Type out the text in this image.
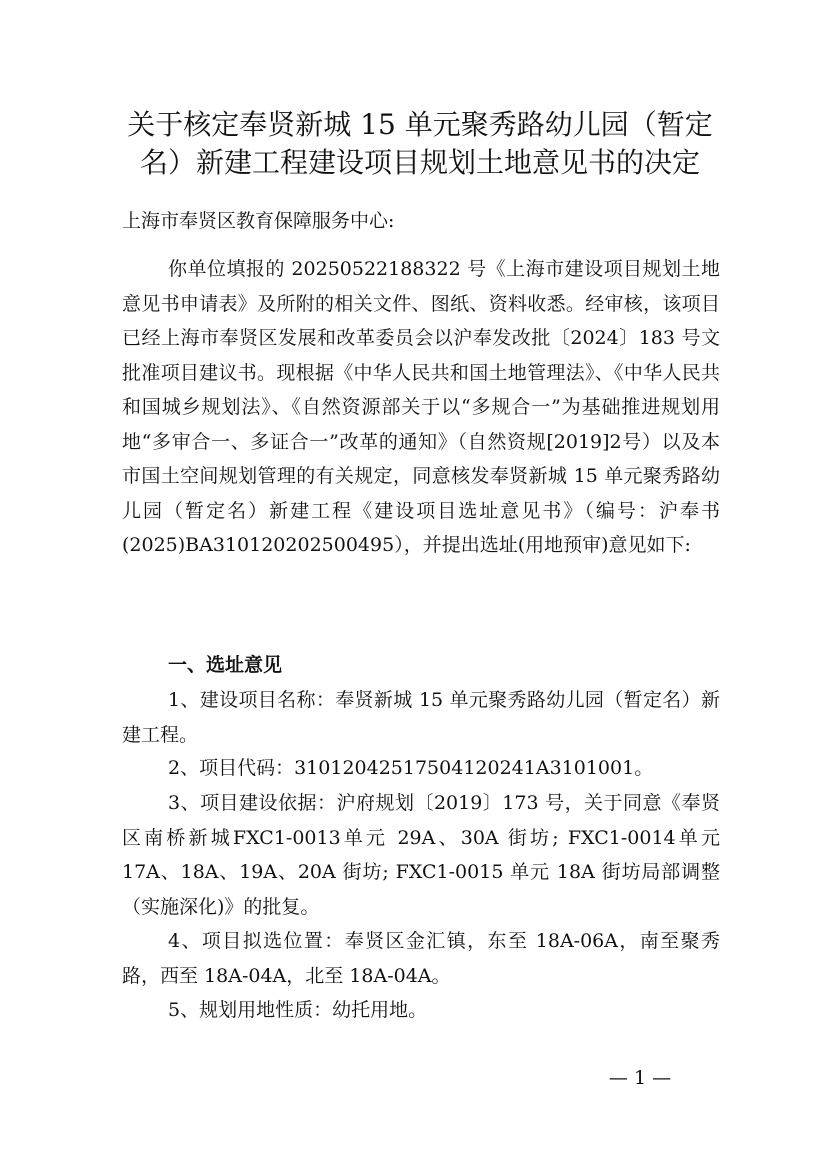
关于核定奉贤新城 15 单元聚秀路幼儿园（暂定名）新建工程建设项目规划土地意见书的决定

上海市奉贤区教育保障服务中心:

你单位填报的 20250522188322 号《上海市建设项目规划土地意见书申请表》及所附的相关文件、图纸、资料收悉。经审核，该项目已经上海市奉贤区发展和改革委员会以沪奉发改批〔2024〕183 号文批准项目建议书。现根据《中华人民共和国土地管理法》、《中华人民共和国城乡规划法》、《自然资源部关于以“多规合一”为基础推进规划用地“多审合一、多证合一”改革的通知》（自然资规[2019]2号）以及本市国土空间规划管理的有关规定，同意核发奉贤新城 15 单元聚秀路幼儿园（暂定名）新建工程《建设项目选址意见书》（编号：沪奉书(2025)BA310120202500495），并提出选址(用地预审)意见如下:

一、选址意见

1、建设项目名称：奉贤新城 15 单元聚秀路幼儿园（暂定名）新建工程。

2、项目代码：31012042517504120241A3101001。

3、项目建设依据：沪府规划〔2019〕173 号，关于同意《奉贤区南桥新城FXC1-0013单元 29A、30A 街坊; FXC1-0014单元 17A、18A、19A、20A 街坊; FXC1-0015 单元 18A 街坊局部调整（实施深化)》的批复。

4、项目拟选位置：奉贤区金汇镇，东至 18A-06A，南至聚秀路，西至 18A-04A，北至 18A-04A。

5、规划用地性质：幼托用地。

— 1 —
